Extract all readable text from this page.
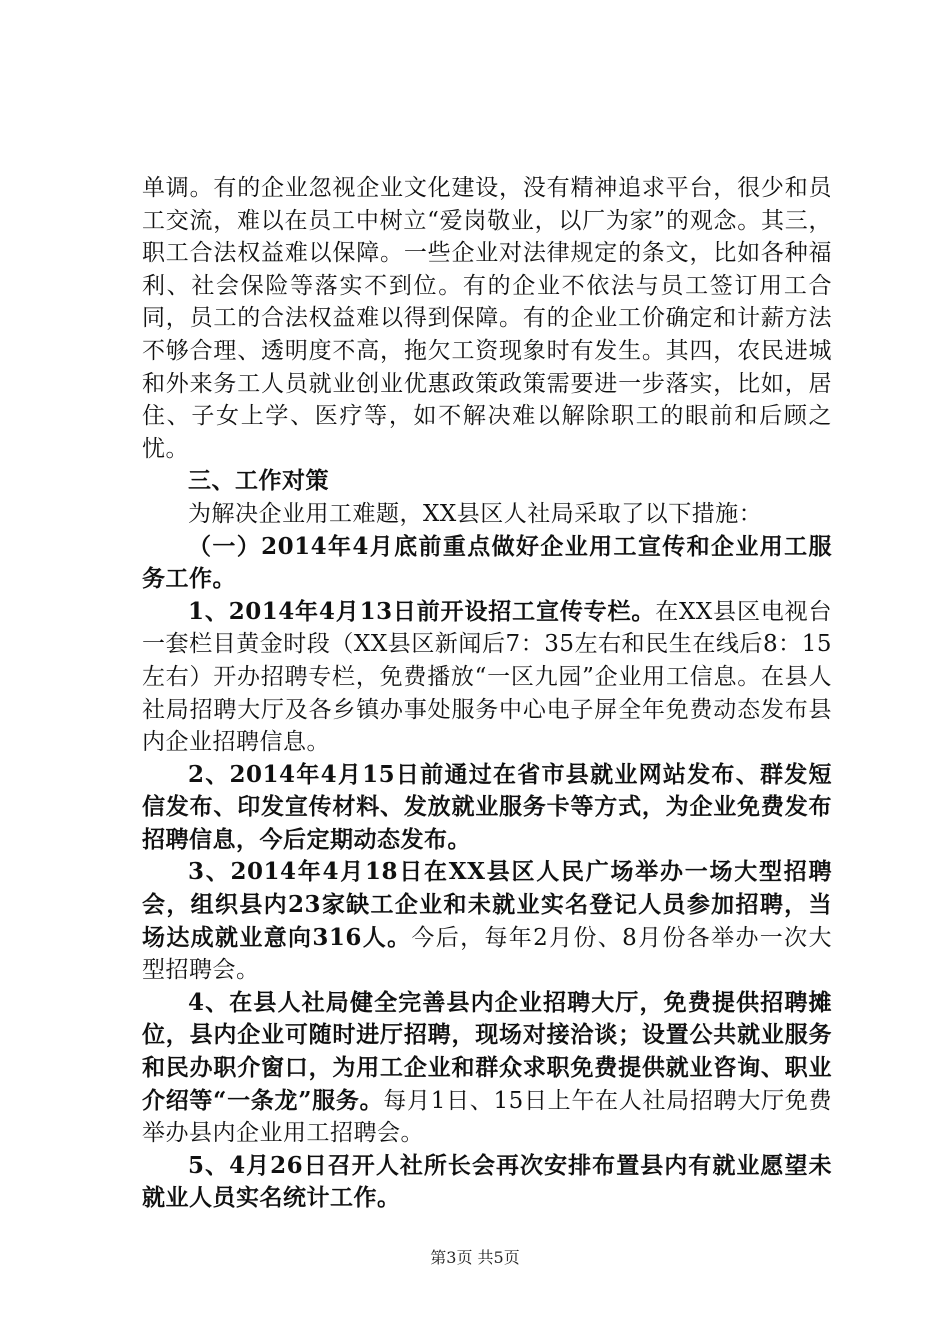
单调。有的企业忽视企业文化建设，没有精神追求平台，很少和员工交流，难以在员工中树立“爱岗敬业，以厂为家”的观念。其三，职工合法权益难以保障。一些企业对法律规定的条文，比如各种福利、社会保险等落实不到位。有的企业不依法与员工签订用工合同，员工的合法权益难以得到保障。有的企业工价确定和计薪方法不够合理、透明度不高，拖欠工资现象时有发生。其四，农民进城和外来务工人员就业创业优惠政策政策需要进一步落实，比如，居住、子女上学、医疗等，如不解决难以解除职工的眼前和后顾之忧。

三、工作对策

为解决企业用工难题，XX县区人社局采取了以下措施：

（一）2014年4月底前重点做好企业用工宣传和企业用工服务工作。

1、2014年4月13日前开设招工宣传专栏。在XX县区电视台一套栏目黄金时段（XX县区新闻后7：35左右和民生在线后8：15左右）开办招聘专栏，免费播放“一区九园”企业用工信息。在县人社局招聘大厅及各乡镇办事处服务中心电子屏全年免费动态发布县内企业招聘信息。

2、2014年4月15日前通过在省市县就业网站发布、群发短信发布、印发宣传材料、发放就业服务卡等方式，为企业免费发布招聘信息，今后定期动态发布。

3、2014年4月18日在XX县区人民广场举办一场大型招聘会，组织县内23家缺工企业和未就业实名登记人员参加招聘，当场达成就业意向316人。今后，每年2月份、8月份各举办一次大型招聘会。

4、在县人社局健全完善县内企业招聘大厅，免费提供招聘摊位，县内企业可随时进厅招聘，现场对接洽谈；设置公共就业服务和民办职介窗口，为用工企业和群众求职免费提供就业咨询、职业介绍等“一条龙”服务。每月1日、15日上午在人社局招聘大厅免费举办县内企业用工招聘会。

5、4月26日召开人社所长会再次安排布置县内有就业愿望未就业人员实名统计工作。

第3页 共5页
